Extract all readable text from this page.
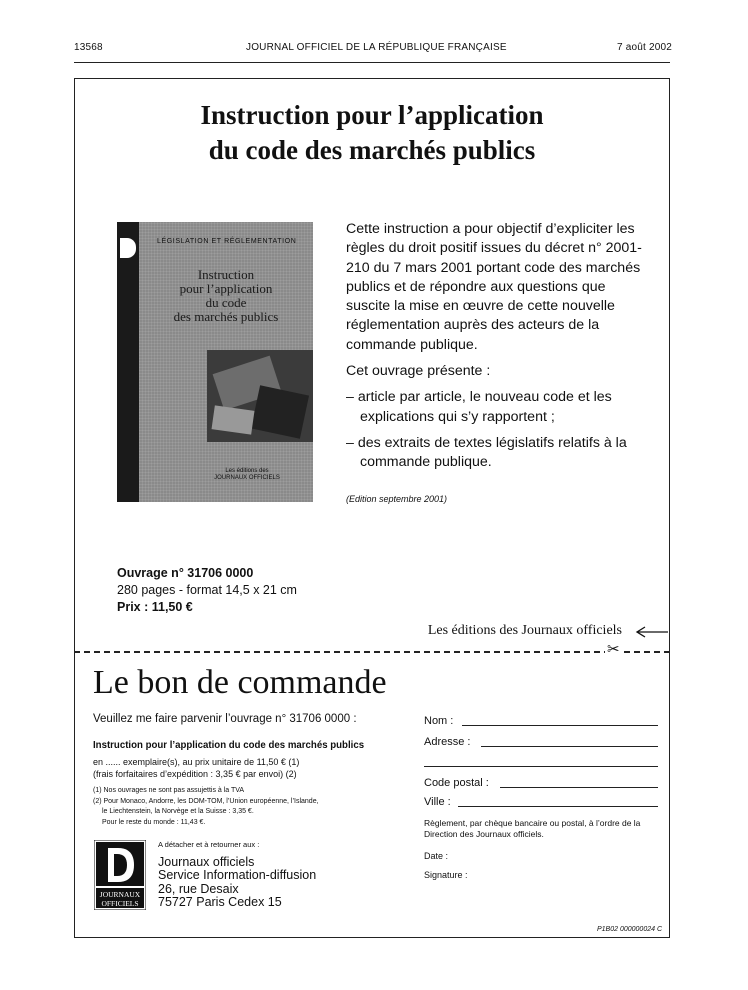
13568	JOURNAL OFFICIEL DE LA RÉPUBLIQUE FRANÇAISE	7 août 2002
Instruction pour l’application
du code des marchés publics
LÉGISLATION ET RÉGLEMENTATION
Instruction
pour l’application
du code
des marchés publics
Les éditions des
JOURNAUX OFFICIELS

Cette instruction a pour objectif d’expliciter les règles du droit positif issues du décret n° 2001-210 du 7 mars 2001 portant code des marchés publics et de répondre aux questions que suscite la mise en œuvre de cette nouvelle réglementation auprès des acteurs de la commande publique.

Cet ouvrage présente :

– article par article, le nouveau code et les explications qui s’y rapportent ;

– des extraits de textes législatifs relatifs à la commande publique.

(Edition septembre 2001)
Ouvrage n° 31706 0000
280 pages - format 14,5 x 21 cm
Prix : 11,50 €
Les éditions des Journaux officiels
✂
Le bon de commande
Veuillez me faire parvenir l’ouvrage n° 31706 0000 :
Instruction pour l’application du code des marchés publics
en ...... exemplaire(s), au prix unitaire de 11,50 € (1)
(frais forfaitaires d’expédition : 3,35 € par envoi) (2)
(1) Nos ouvrages ne sont pas assujettis à la TVA
(2) Pour Monaco, Andorre, les DOM-TOM, l’Union européenne, l’Islande,
le Liechtenstein, la Norvège et la Suisse : 3,35 €.
Pour le reste du monde : 11,43 €.
JOURNAUX
OFFICIELS
A détacher et à retourner aux :
Journaux officiels
Service Information-diffusion
26, rue Desaix
75727 Paris Cedex 15
Nom :
Adresse :
Code postal :
Ville :
Règlement, par chèque bancaire ou postal, à l’ordre de la Direction des Journaux officiels.
Date :
Signature :
P1B02 000000024 C
